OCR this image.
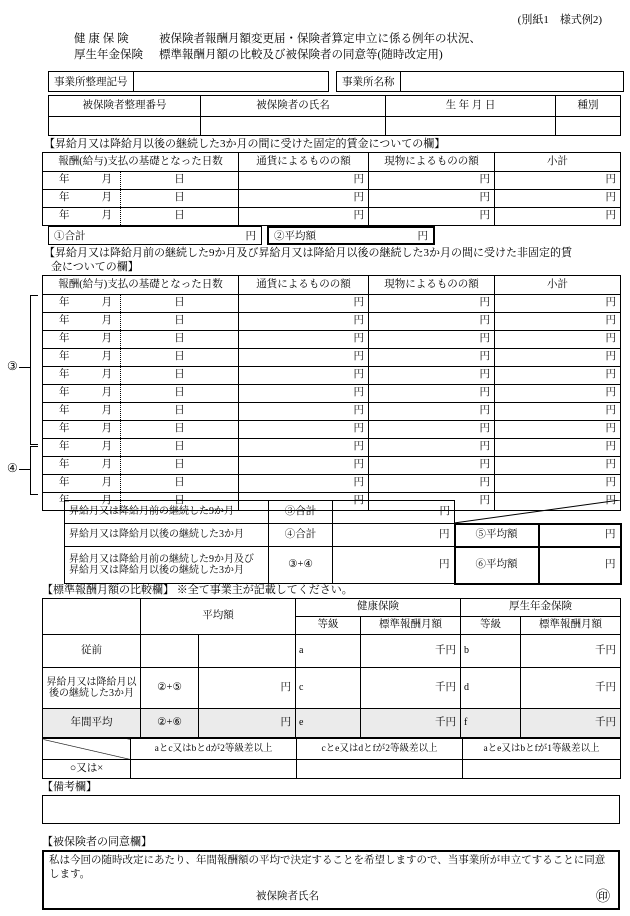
(別紙1　様式例2)
健 康 保 険
厚生年金保険
被保険者報酬月額変更届・保険者算定申立に係る例年の状況、
標準報酬月額の比較及び被保険者の同意等(随時改定用)
事業所整理記号	事業所名称
被保険者整理番号	被保険者の氏名	生 年 月 日	種別

【昇給月又は降給月以後の継続した3か月の間に受けた固定的賃金についての欄】
報酬(給与)支払の基礎となった日数		通貨によるものの額	現物によるものの額	小計
年 月	日	円	円	円
年 月	日	円	円	円
年 月	日	円	円	円
①合計	円 ②平均額	円
【昇給月又は降給月前の継続した9か月及び昇給月又は降給月以後の継続した3か月の間に受けた非固定的賃
金についての欄】
報酬(給与)支払の基礎となった日数		通貨によるものの額	現物によるものの額	小計
年 月	日	円	円	円
年 月	日	円	円	円
年 月	日	円	円	円
年 月	日	円	円	円
年 月	日	円	円	円
年 月	日	円	円	円
年 月	日	円	円	円
年 月	日	円	円	円
年 月	日	円	円	円
年 月	日	円	円	円
年 月	日	円	円	円
年 月	日	円	円	円
③
④
昇給月又は降給月前の継続した9か月	③合計	円		
昇給月又は降給月以後の継続した3か月	④合計	円	⑤平均額	円

昇給月又は降給月前の継続した9か月及び
昇給月又は降給月以後の継続した3か月	③+④	円	⑥平均額	円
【標準報酬月額の比較欄】 ※全て事業主が記載してください。
	平均額		健康保険		厚生年金保険	
			等級	標準報酬月額	等級	標準報酬月額
従前			a	千円	b	千円
昇給月又は降給月以後の継続した3か月	②+⑤	円	c	千円	d	千円
年間平均	②+⑥	円	e	千円	f	千円
	aとc又はbとdが2等級差以上	cとe又はdとfが2等級差以上	aとe又はbとfが1等級差以上
○又は×			
【備考欄】
【被保険者の同意欄】
私は今回の随時改定にあたり、年間報酬額の平均で決定することを希望しますので、当事業所が申立てすることに同意します。
被保険者氏名	㊞
